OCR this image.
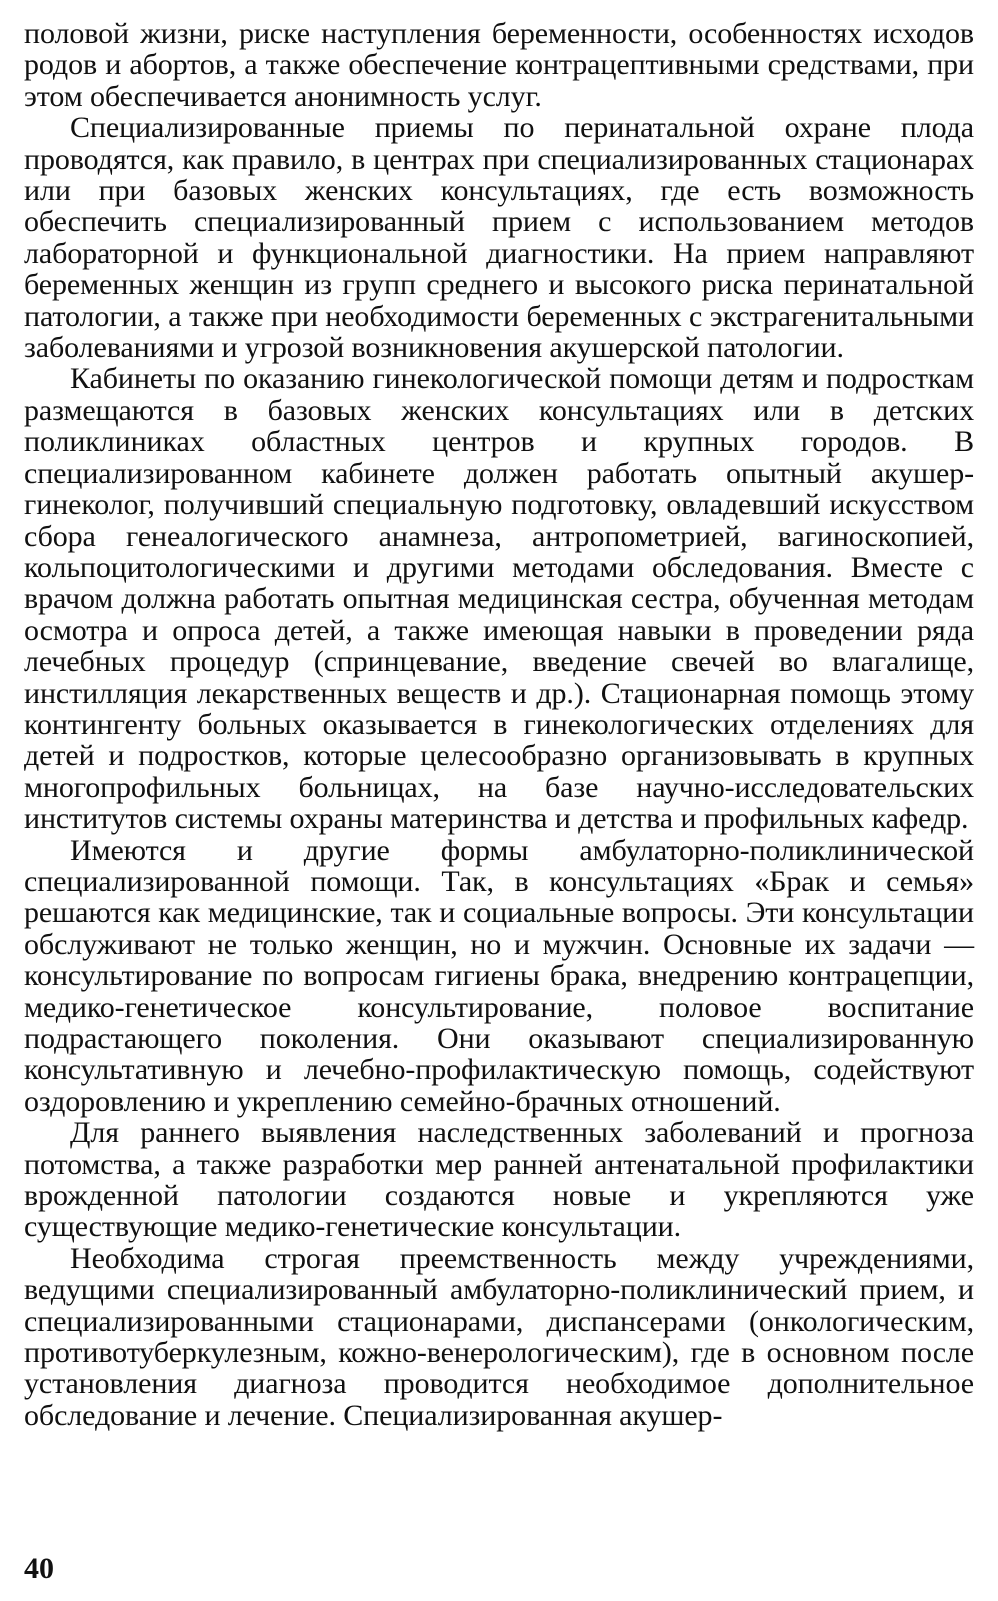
половой жизни, риске наступления беременности, особенностях исходов родов и абортов, а также обеспечение контрацептивными средствами, при этом обеспечивается анонимность услуг.

Специализированные приемы по перинатальной охране плода проводятся, как правило, в центрах при специализированных стационарах или при базовых женских консультациях, где есть возможность обеспечить специализированный прием с использованием методов лабораторной и функциональной диагностики. На прием направляют беременных женщин из групп среднего и высокого риска перинатальной патологии, а также при необходимости беременных с экстрагенитальными заболеваниями и угрозой возникновения акушерской патологии.

Кабинеты по оказанию гинекологической помощи детям и подросткам размещаются в базовых женских консультациях или в детских поликлиниках областных центров и крупных городов. В специализированном кабинете должен работать опытный акушер-гинеколог, получивший специальную подготовку, овладевший искусством сбора генеалогического анамнеза, антропометрией, вагиноскопией, кольпоцитологическими и другими методами обследования. Вместе с врачом должна работать опытная медицинская сестра, обученная методам осмотра и опроса детей, а также имеющая навыки в проведении ряда лечебных процедур (спринцевание, введение свечей во влагалище, инстилляция лекарственных веществ и др.). Стационарная помощь этому контингенту больных оказывается в гинекологических отделениях для детей и подростков, которые целесообразно организовывать в крупных многопрофильных больницах, на базе научно-исследовательских институтов системы охраны материнства и детства и профильных кафедр.

Имеются и другие формы амбулаторно-поликлинической специализированной помощи. Так, в консультациях «Брак и семья» решаются как медицинские, так и социальные вопросы. Эти консультации обслуживают не только женщин, но и мужчин. Основные их задачи — консультирование по вопросам гигиены брака, внедрению контрацепции, медико-генетическое консультирование, половое воспитание подрастающего поколения. Они оказывают специализированную консультативную и лечебно-профилактическую помощь, содействуют оздоровлению и укреплению семейно-брачных отношений.

Для раннего выявления наследственных заболеваний и прогноза потомства, а также разработки мер ранней антенатальной профилактики врожденной патологии создаются новые и укрепляются уже существующие медико-генетические консультации.

Необходима строгая преемственность между учреждениями, ведущими специализированный амбулаторно-поликлинический прием, и специализированными стационарами, диспансерами (онкологическим, противотуберкулезным, кожно-венерологическим), где в основном после установления диагноза проводится необходимое дополнительное обследование и лечение. Специализированная акушер-

40
